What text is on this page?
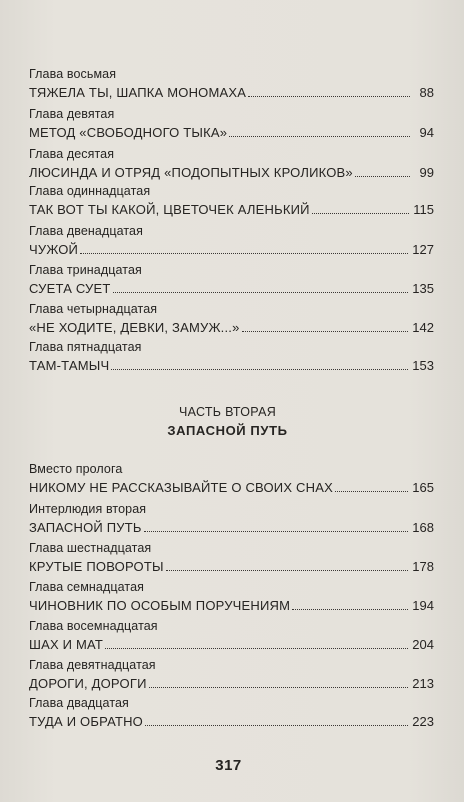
Глава восьмая
ТЯЖЕЛА ТЫ, ШАПКА МОНОМАХА	88
Глава девятая
МЕТОД «СВОБОДНОГО ТЫКА»	94
Глава десятая
ЛЮСИНДА И ОТРЯД «ПОДОПЫТНЫХ КРОЛИКОВ»	99
Глава одиннадцатая
ТАК ВОТ ТЫ КАКОЙ, ЦВЕТОЧЕК АЛЕНЬКИЙ	115
Глава двенадцатая
ЧУЖОЙ	127
Глава тринадцатая
СУЕТА СУЕТ	135
Глава четырнадцатая
«НЕ ХОДИТЕ, ДЕВКИ, ЗАМУЖ...»	142
Глава пятнадцатая
ТАМ-ТАМЫЧ	153
ЧАСТЬ ВТОРАЯ
ЗАПАСНОЙ ПУТЬ
Вместо пролога
НИКОМУ НЕ РАССКАЗЫВАЙТЕ О СВОИХ СНАХ	165
Интерлюдия вторая
ЗАПАСНОЙ ПУТЬ	168
Глава шестнадцатая
КРУТЫЕ ПОВОРОТЫ	178
Глава семнадцатая
ЧИНОВНИК ПО ОСОБЫМ ПОРУЧЕНИЯМ	194
Глава восемнадцатая
ШАХ И МАТ	204
Глава девятнадцатая
ДОРОГИ, ДОРОГИ	213
Глава двадцатая
ТУДА И ОБРАТНО	223
317
